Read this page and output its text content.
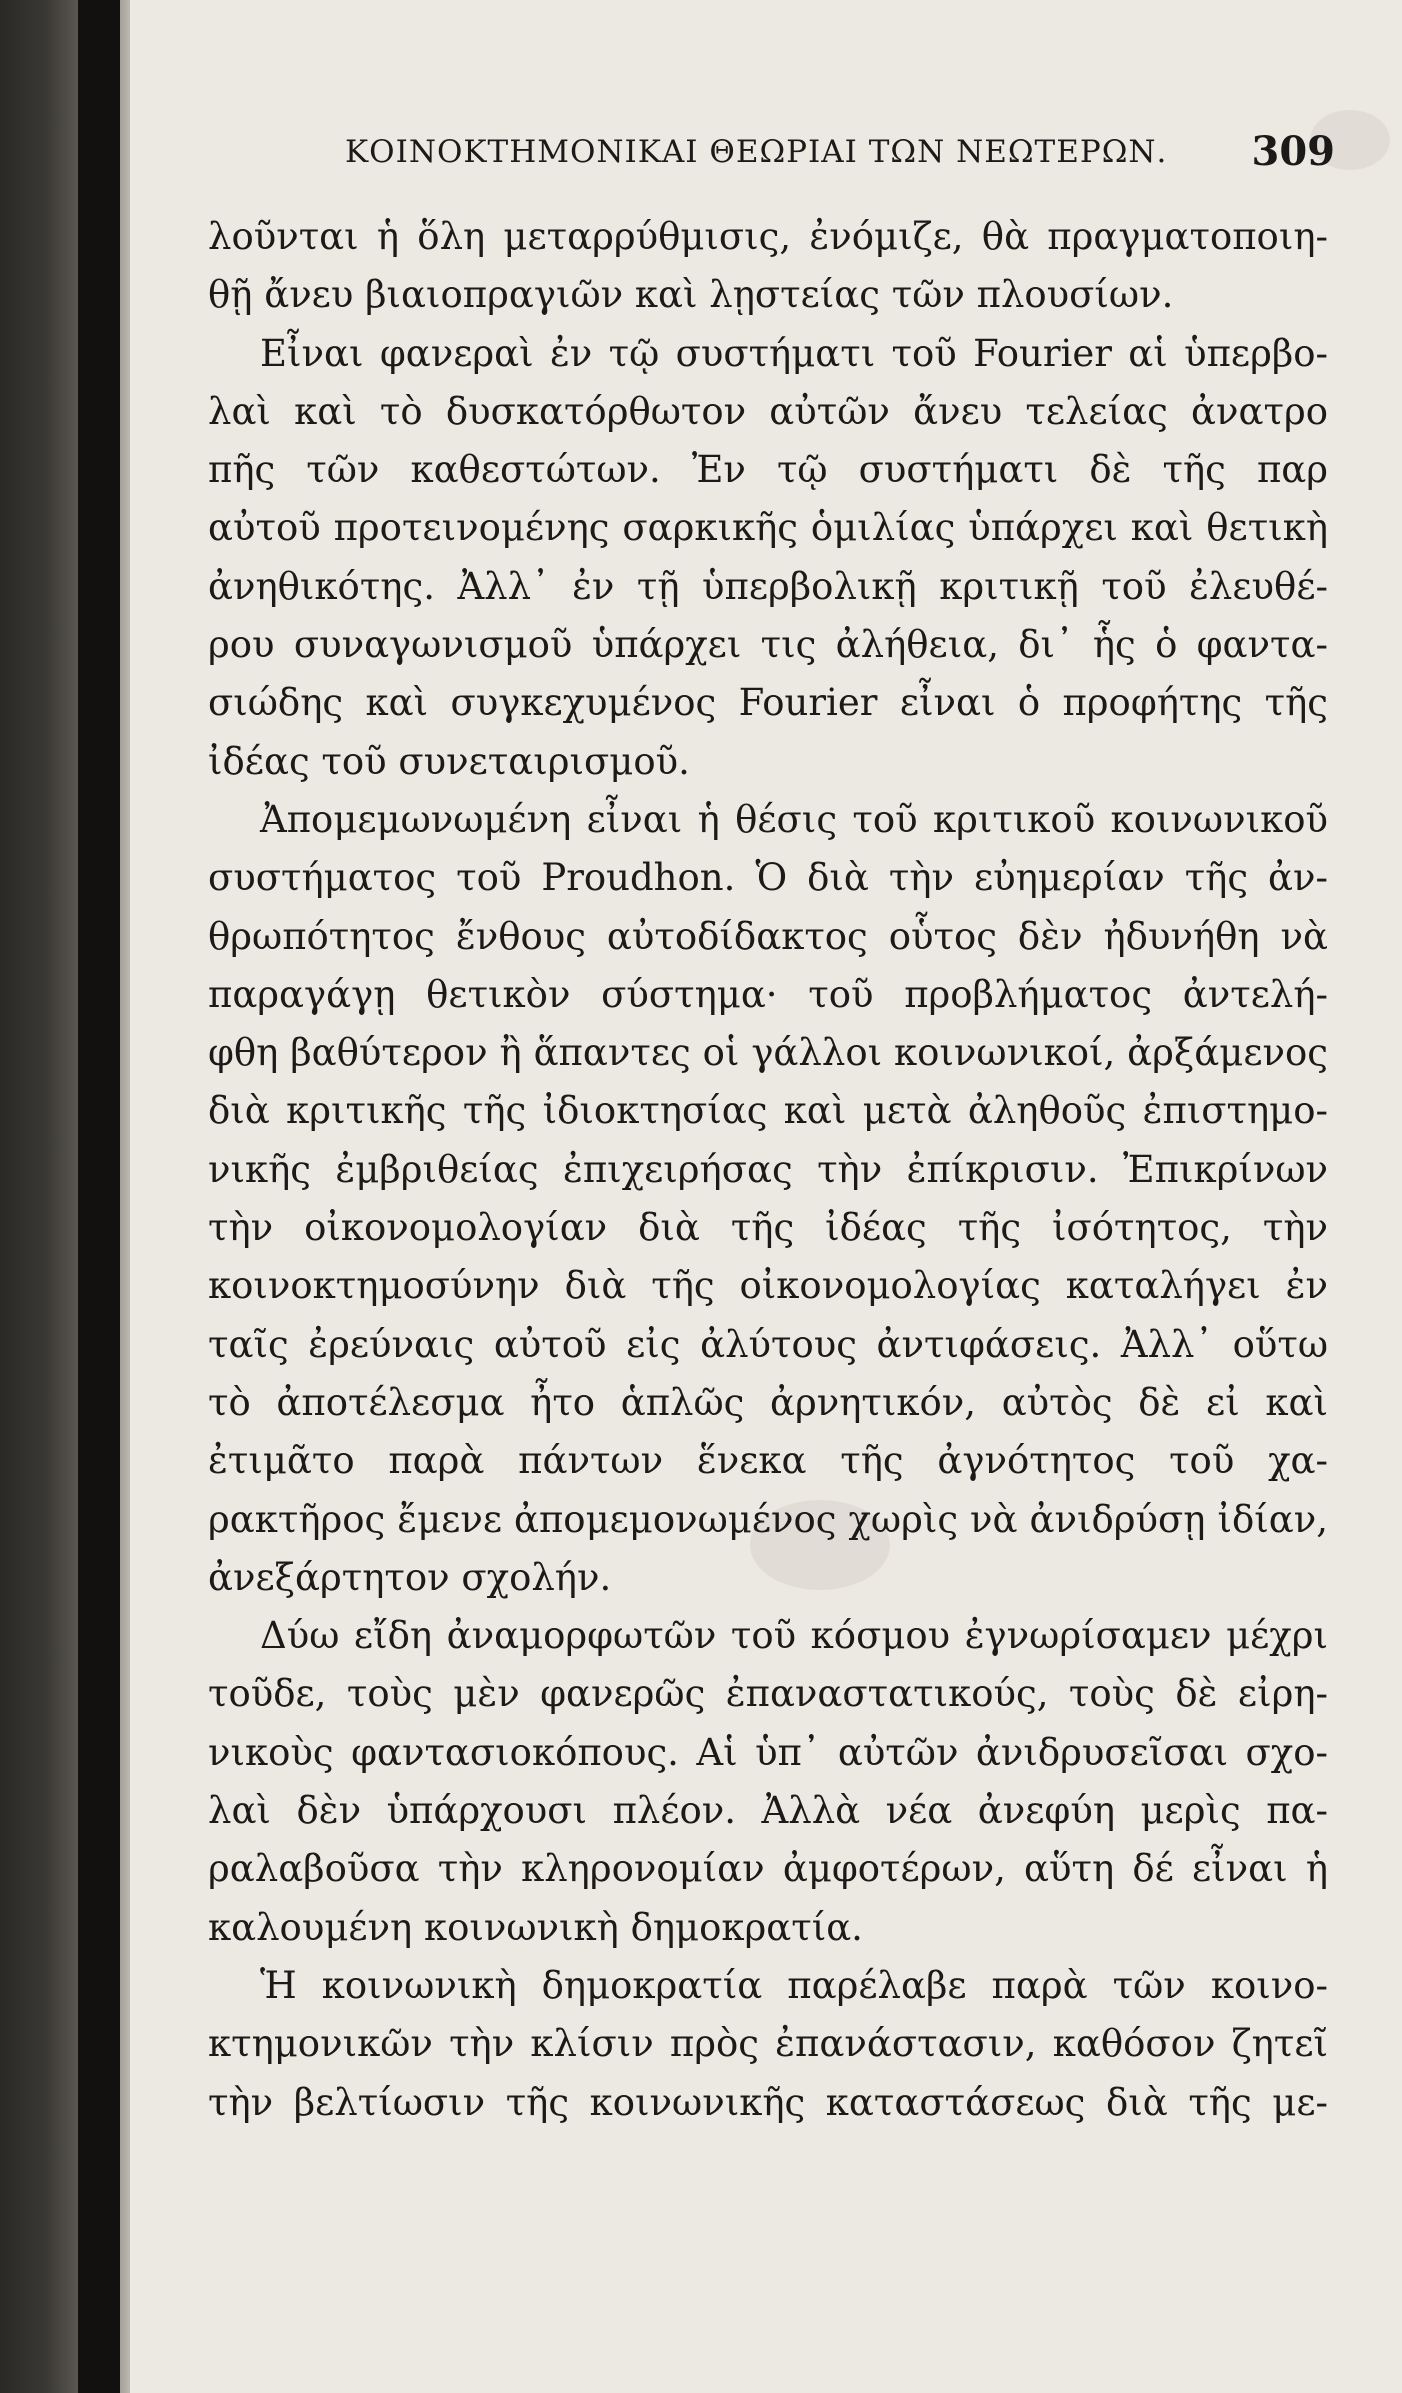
ΚΟΙΝΟΚΤΗΜΟΝΙΚΑΙ ΘΕΩΡΙΑΙ ΤΩΝ ΝΕΩΤΕΡΩΝ. 309
λοῦνται ἡ ὅλη μεταρρύθμισις, ἐνόμιζε, θὰ πραγματοποιη-
θῇ ἄνευ βιαιοπραγιῶν καὶ λῃστείας τῶν πλουσίων.
Εἶναι φανεραὶ ἐν τῷ συστήματι τοῦ Fourier αἱ ὑπερβο-
λαὶ καὶ τὸ δυσκατόρθωτον αὐτῶν ἄνευ τελείας ἀνατρο
πῆς τῶν καθεστώτων. Ἐν τῷ συστήματι δὲ τῆς παρ
αὐτοῦ προτεινομένης σαρκικῆς ὁμιλίας ὑπάρχει καὶ θετικὴ
ἀνηθικότης. Ἀλλ᾽ ἐν τῇ ὑπερβολικῇ κριτικῇ τοῦ ἐλευθέ-
ρου συναγωνισμοῦ ὑπάρχει τις ἀλήθεια, δι᾽ ἧς ὁ φαντα-
σιώδης καὶ συγκεχυμένος Fourier εἶναι ὁ προφήτης τῆς
ἰδέας τοῦ συνεταιρισμοῦ.
Ἀπομεμωνωμένη εἶναι ἡ θέσις τοῦ κριτικοῦ κοινωνικοῦ
συστήματος τοῦ Proudhon. Ὁ διὰ τὴν εὐημερίαν τῆς ἀν-
θρωπότητος ἔνθους αὐτοδίδακτος οὗτος δὲν ἠδυνήθη νὰ
παραγάγῃ θετικὸν σύστημα· τοῦ προβλήματος ἀντελή-
φθη βαθύτερον ἢ ἅπαντες οἱ γάλλοι κοινωνικοί, ἀρξάμενος
διὰ κριτικῆς τῆς ἰδιοκτησίας καὶ μετὰ ἀληθοῦς ἐπιστημο-
νικῆς ἐμβριθείας ἐπιχειρήσας τὴν ἐπίκρισιν. Ἐπικρίνων
τὴν οἰκονομολογίαν διὰ τῆς ἰδέας τῆς ἰσότητος, τὴν
κοινοκτημοσύνην διὰ τῆς οἰκονομολογίας καταλήγει ἐν
ταῖς ἐρεύναις αὐτοῦ εἰς ἀλύτους ἀντιφάσεις. Ἀλλ᾽ οὕτω
τὸ ἀποτέλεσμα ἦτο ἁπλῶς ἀρνητικόν, αὐτὸς δὲ εἰ καὶ
ἐτιμᾶτο παρὰ πάντων ἕνεκα τῆς ἀγνότητος τοῦ χα-
ρακτῆρος ἔμενε ἀπομεμονωμένος χωρὶς νὰ ἀνιδρύσῃ ἰδίαν,
ἀνεξάρτητον σχολήν.
Δύω εἴδη ἀναμορφωτῶν τοῦ κόσμου ἐγνωρίσαμεν μέχρι
τοῦδε, τοὺς μὲν φανερῶς ἐπαναστατικούς, τοὺς δὲ εἰρη-
νικοὺς φαντασιοκόπους. Αἱ ὑπ᾽ αὐτῶν ἀνιδρυσεῖσαι σχο-
λαὶ δὲν ὑπάρχουσι πλέον. Ἀλλὰ νέα ἀνεφύη μερὶς πα-
ραλαβοῦσα τὴν κληρονομίαν ἀμφοτέρων, αὕτη δέ εἶναι ἡ
καλουμένη κοινωνικὴ δημοκρατία.
Ἡ κοινωνικὴ δημοκρατία παρέλαβε παρὰ τῶν κοινο-
κτημονικῶν τὴν κλίσιν πρὸς ἐπανάστασιν, καθόσον ζητεῖ
τὴν βελτίωσιν τῆς κοινωνικῆς καταστάσεως διὰ τῆς με-
